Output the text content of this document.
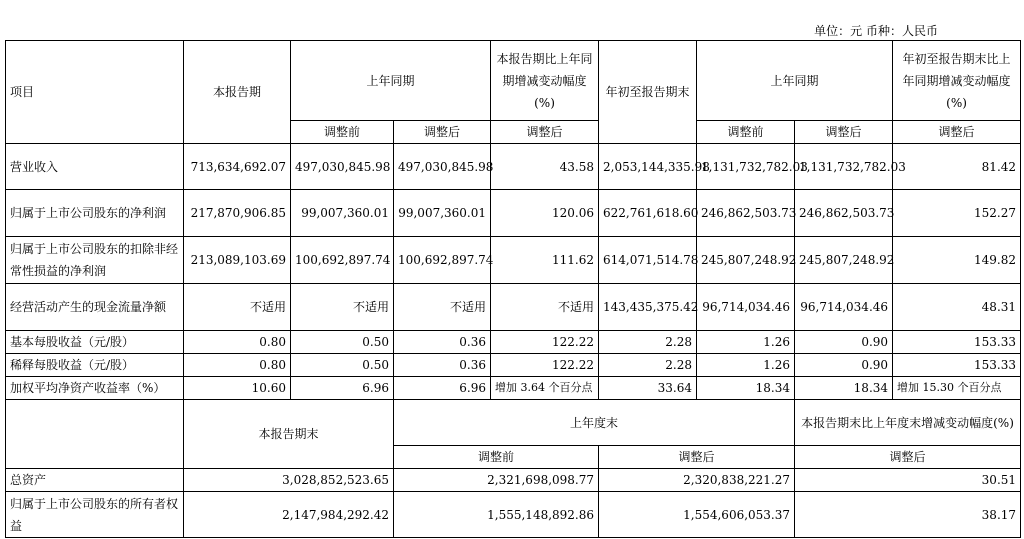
单位：元 币种：人民币
项目	本报告期	上年同期		本报告期比上年同期增减变动幅度(%)	年初至报告期末	上年同期		年初至报告期末比上年同期增减变动幅度(%)
		调整前	调整后	调整后		调整前	调整后	调整后
营业收入	713,634,692.07	497,030,845.98	497,030,845.98	43.58	2,053,144,335.98	1,131,732,782.03	1,131,732,782.03	81.42
归属于上市公司股东的净利润	217,870,906.85	99,007,360.01	99,007,360.01	120.06	622,761,618.60	246,862,503.73	246,862,503.73	152.27
归属于上市公司股东的扣除非经常性损益的净利润	213,089,103.69	100,692,897.74	100,692,897.74	111.62	614,071,514.78	245,807,248.92	245,807,248.92	149.82
经营活动产生的现金流量净额	不适用	不适用	不适用	不适用	143,435,375.42	96,714,034.46	96,714,034.46	48.31
基本每股收益（元/股）	0.80	0.50	0.36	122.22	2.28	1.26	0.90	153.33
稀释每股收益（元/股）	0.80	0.50	0.36	122.22	2.28	1.26	0.90	153.33
加权平均净资产收益率（%）	10.60	6.96	6.96	增加 3.64 个百分点	33.64	18.34	18.34	增加 15.30 个百分点
	本报告期末		上年度末				本报告期末比上年度末增减变动幅度(%)	
			调整前		调整后		调整后	
总资产	3,028,852,523.65		2,321,698,098.77		2,320,838,221.27		30.51	
归属于上市公司股东的所有者权益	2,147,984,292.42		1,555,148,892.86		1,554,606,053.37		38.17	
